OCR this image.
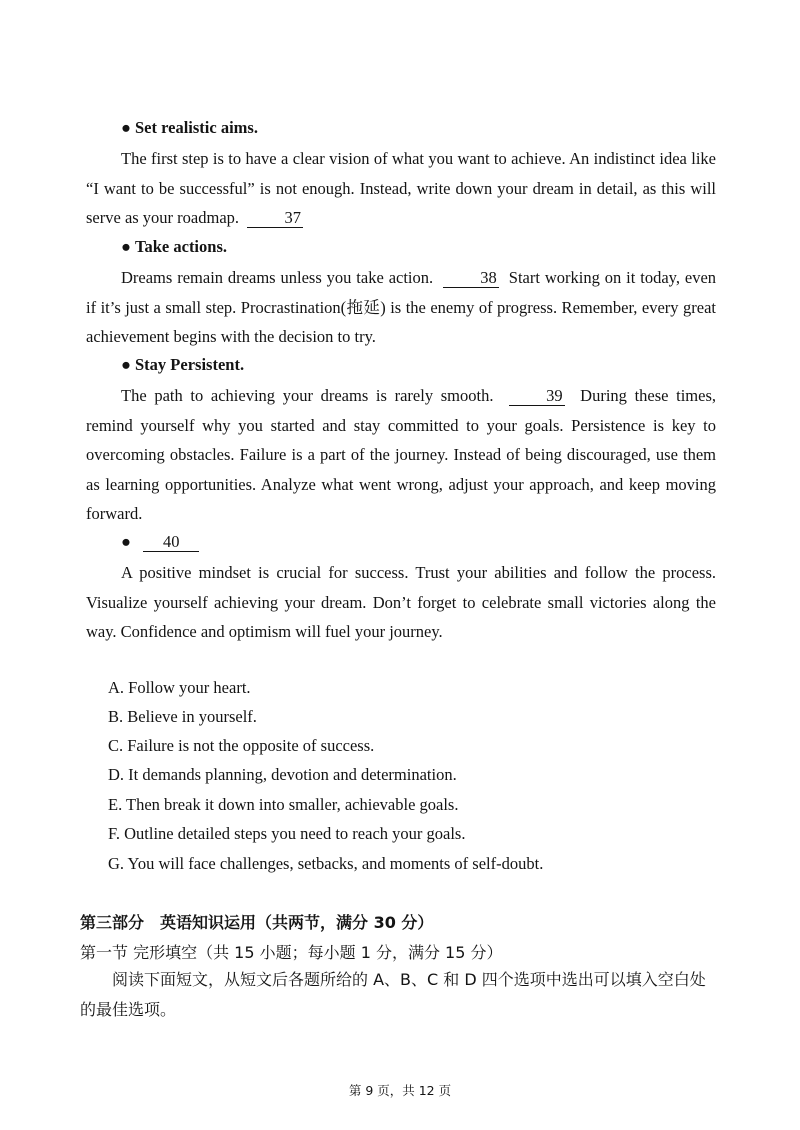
● Set realistic aims.

The first step is to have a clear vision of what you want to achieve. An indistinct idea like “I want to be successful” is not enough. Instead, write down your dream in detail, as this will serve as your roadmap.	37

● Take actions.

Dreams remain dreams unless you take action.	38 Start working on it today, even if it’s just a small step. Procrastination(拖延) is the enemy of progress. Remember, every great achievement begins with the decision to try.

● Stay Persistent.

The path to achieving your dreams is rarely smooth.	39 During these times, remind yourself why you started and stay committed to your goals. Persistence is key to overcoming obstacles. Failure is a part of the journey. Instead of being discouraged, use them as learning opportunities. Analyze what went wrong, adjust your approach, and keep moving forward.

● 40

A positive mindset is crucial for success. Trust your abilities and follow the process. Visualize yourself achieving your dream. Don’t forget to celebrate small victories along the way. Confidence and optimism will fuel your journey.

A. Follow your heart.
B. Believe in yourself.
C. Failure is not the opposite of success.
D. It demands planning, devotion and determination.
E. Then break it down into smaller, achievable goals.
F. Outline detailed steps you need to reach your goals.
G. You will face challenges, setbacks, and moments of self-doubt.
第三部分　英语知识运用（共两节，满分 30 分）
第一节 完形填空（共 15 小题；每小题 1 分，满分 15 分）
阅读下面短文，从短文后各题所给的 A、B、C 和 D 四个选项中选出可以填入空白处的最佳选项。
第 9 页，共 12 页
